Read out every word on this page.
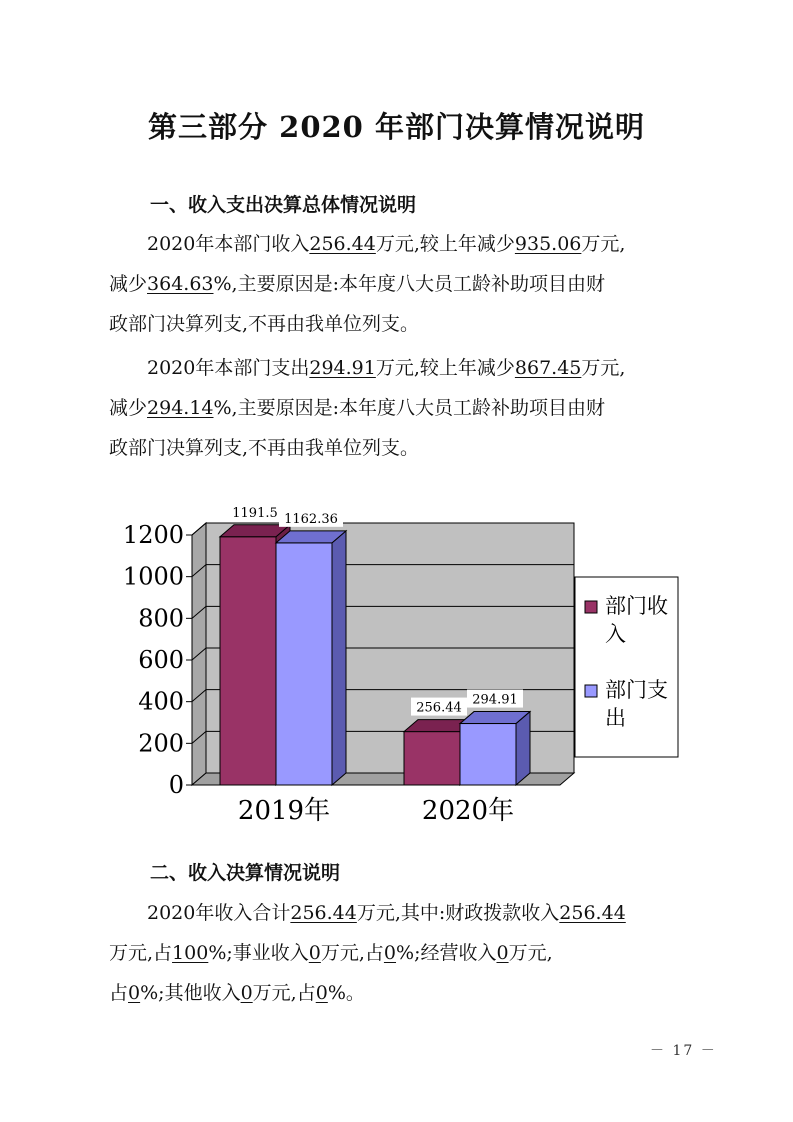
第三部分 2020 年部门决算情况说明
一、收入支出决算总体情况说明
2020年本部门收入256.44万元,较上年减少935.06万元,
减少364.63%,主要原因是:本年度八大员工龄补助项目由财
政部门决算列支,不再由我单位列支。
2020年本部门支出294.91万元,较上年减少867.45万元,
减少294.14%,主要原因是:本年度八大员工龄补助项目由财
政部门决算列支,不再由我单位列支。
0
200
400
600
800
1000
1200
1191.5 1162.36
2019年
256.44
294.91
2020年
部门收
入
部门支
出
二、收入决算情况说明
2020年收入合计256.44万元,其中:财政拨款收入256.44
万元,占100%;事业收入0万元,占0%;经营收入0万元,
占0%;其他收入0万元,占0%。
－ 17 －
